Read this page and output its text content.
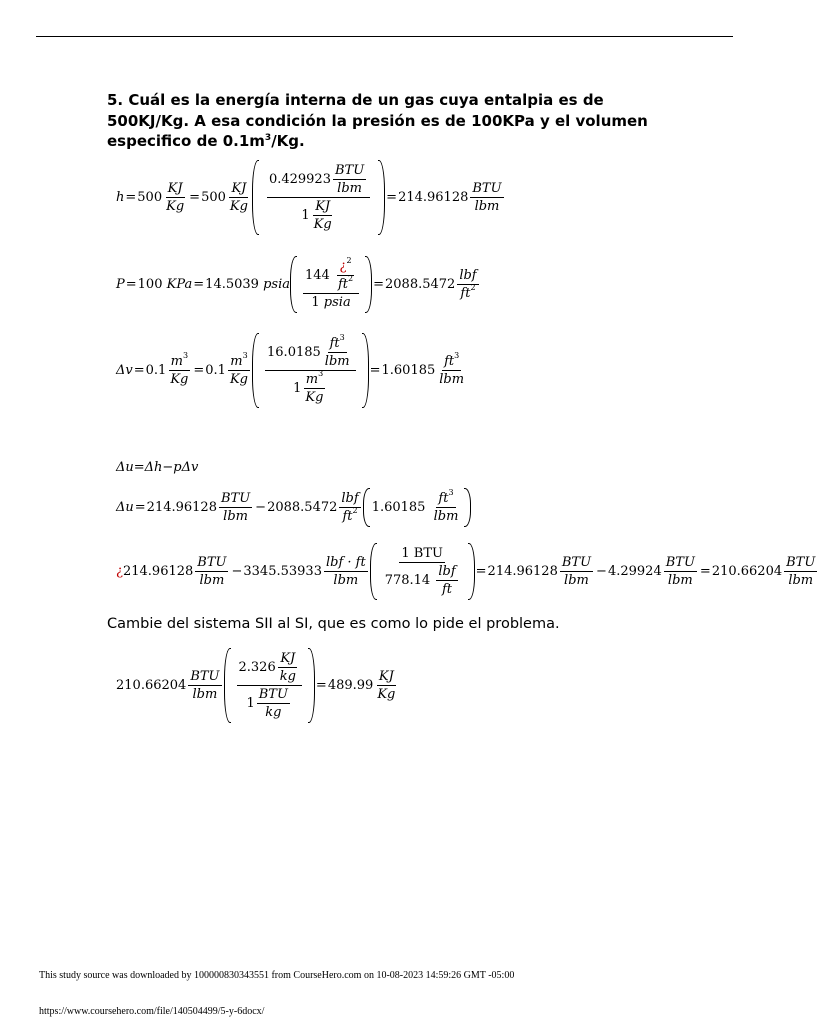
5. Cuál es la energía interna de un gas cuya entalpia es de
500KJ/Kg. A esa condición la presión es de 100KPa y el volumen
especifico de $0.1m^3/Kg$.
$h = 500 \frac{KJ}{Kg} = 500 \frac{KJ}{Kg} \frac{0.429923 \frac{\text{BTU}}{\text{lbm}}}{1 \frac{KJ}{Kg}} = 214.96128 \frac{\text{BTU}}{\text{lbm}}$
P = 100
KPa = 14.5039
psia 144
$\frac{¿^2}{ft^2}$
1 psia = $2088.5472 \frac{\text{lbf}}{ft^2}$
$\Delta v = 0.1 \frac{m^3}{Kg} = 0.1 \frac{m^3}{Kg} \frac{16.0185 \frac{ft^3}{\text{lbm}}}{1 \frac{m^3}{Kg}} = 1.60185 \frac{ft^3}{\text{lbm}}$
Δu=Δh−pΔv
$\Delta u = 214.96128 \frac{\text{BTU}}{\text{lbm}} - 2088.5472 \frac{\text{lbf}}{ft^2} 1.60185$
$\frac{ft^3}{\text{lbm}}$
¿ $214.96128 \frac{\text{BTU}}{\text{lbm}} - 3345.53933 \frac{\text{lbf · ft}}{\text{lbm}} 1$ BTU
778.14
$\frac{\text{lbf}}{ft} = 214.96128 \frac{\text{BTU}}{\text{lbm}} - 4.29924 \frac{\text{BTU}}{\text{lbm}} = 210.66204 \frac{\text{BTU}}{\text{lbm}}$
Cambie del sistema SII al SI, que es como lo pide el problema.
$210.66204 \frac{\text{BTU}}{\text{lbm}} \frac{2.326 \frac{KJ}{kg}}{1 \frac{\text{BTU}}{kg}} = 489.99 \frac{KJ}{Kg}$
This study source was downloaded by 100000830343551 from CourseHero.com on 10-08-2023 14:59:26 GMT -05:00
https://www.coursehero.com/file/140504499/5-y-6docx/
